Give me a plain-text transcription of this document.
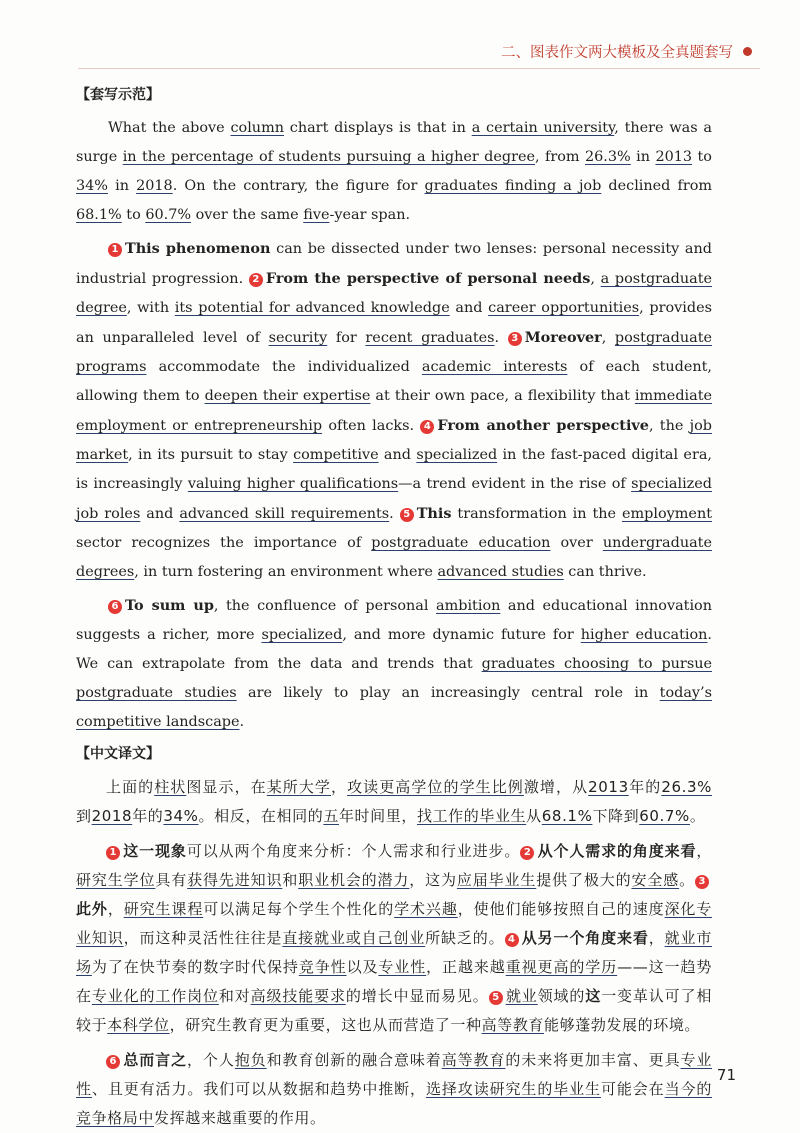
二、图表作文两大模板及全真题套写
【套写示范】

What the above column chart displays is that in a certain university, there was a surge in the percentage of students pursuing a higher degree, from 26.3% in 2013 to 34% in 2018. On the contrary, the figure for graduates finding a job declined from 68.1% to 60.7% over the same five-year span.

1 This phenomenon can be dissected under two lenses: personal necessity and industrial progression. 2 From the perspective of personal needs, a postgraduate degree, with its potential for advanced knowledge and career opportunities, provides an unparalleled level of security for recent graduates. 3 Moreover, postgraduate programs accommodate the individualized academic interests of each student, allowing them to deepen their expertise at their own pace, a flexibility that immediate employment or entrepreneurship often lacks. 4 From another perspective, the job market, in its pursuit to stay competitive and specialized in the fast-paced digital era, is increasingly valuing higher qualifications—a trend evident in the rise of specialized job roles and advanced skill requirements. 5 This transformation in the employment sector recognizes the importance of postgraduate education over undergraduate degrees, in turn fostering an environment where advanced studies can thrive.

6 To sum up, the confluence of personal ambition and educational innovation suggests a richer, more specialized, and more dynamic future for higher education. We can extrapolate from the data and trends that graduates choosing to pursue postgraduate studies are likely to play an increasingly central role in today’s competitive landscape.

【中文译文】

上面的柱状图显示，在某所大学，攻读更高学位的学生比例激增，从2013年的26.3%到2018年的34%。相反，在相同的五年时间里，找工作的毕业生从68.1%下降到60.7%。

1 这一现象可以从两个角度来分析：个人需求和行业进步。 2 从个人需求的角度来看，研究生学位具有获得先进知识和职业机会的潜力，这为应届毕业生提供了极大的安全感。 3此外，研究生课程可以满足每个学生个性化的学术兴趣，使他们能够按照自己的速度深化专业知识，而这种灵活性往往是直接就业或自己创业所缺乏的。 4 从另一个角度来看，就业市场为了在快节奏的数字时代保持竞争性以及专业性，正越来越重视更高的学历——这一趋势在专业化的工作岗位和对高级技能要求的增长中显而易见。 5 就业领域的这一变革认可了相较于本科学位，研究生教育更为重要，这也从而营造了一种高等教育能够蓬勃发展的环境。

6 总而言之，个人抱负和教育创新的融合意味着高等教育的未来将更加丰富、更具专业性、且更有活力。我们可以从数据和趋势中推断，选择攻读研究生的毕业生可能会在当今的竞争格局中发挥越来越重要的作用。

71
